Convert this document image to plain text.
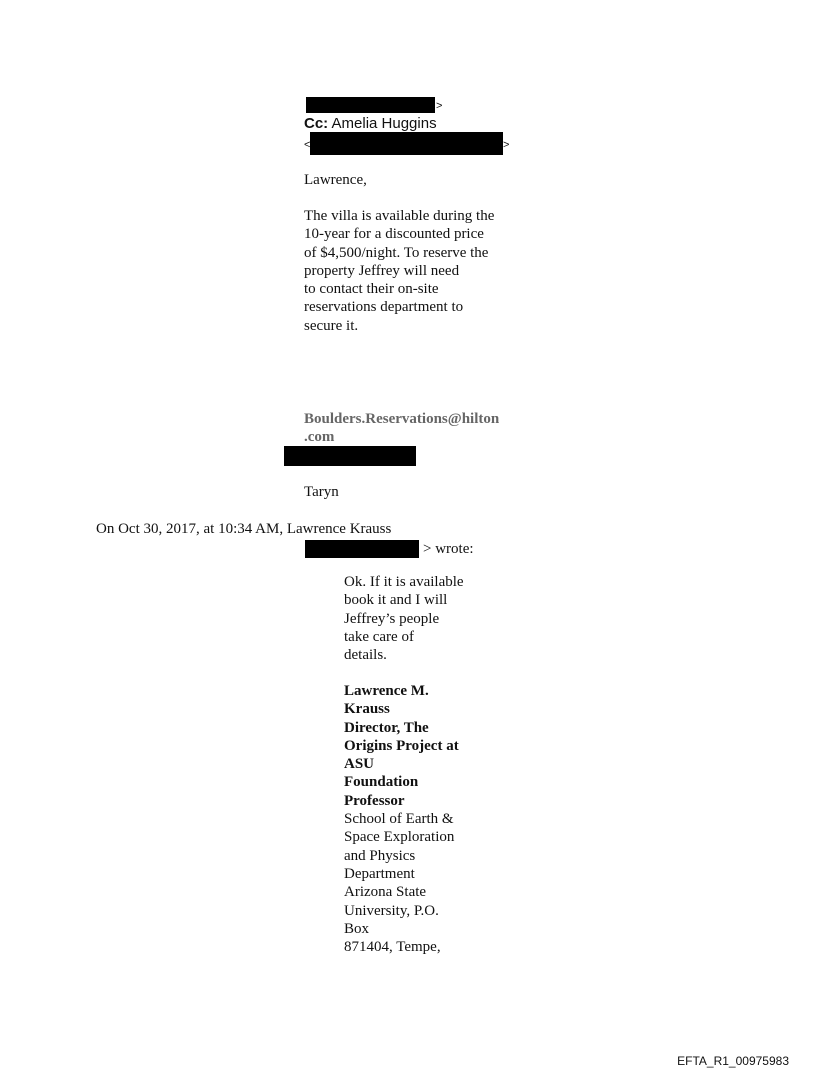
>
Cc: Amelia Huggins
<	>
Lawrence,
The villa is available during the
10-year for a discounted price
of $4,500/night. To reserve the
property Jeffrey will need
to contact their on-site
reservations department to
secure it.
Boulders.Reservations@hilton
.com
Taryn
On Oct 30, 2017, at 10:34 AM, Lawrence Krauss
> wrote:
Ok. If it is available
book it and I will
Jeffrey’s people
take care of
details.
Lawrence M.
Krauss
Director, The
Origins Project at
ASU
Foundation
Professor
School of Earth &
Space Exploration
and Physics
Department
Arizona State
University, P.O.
Box
871404, Tempe,
EFTA_R1_00975983
